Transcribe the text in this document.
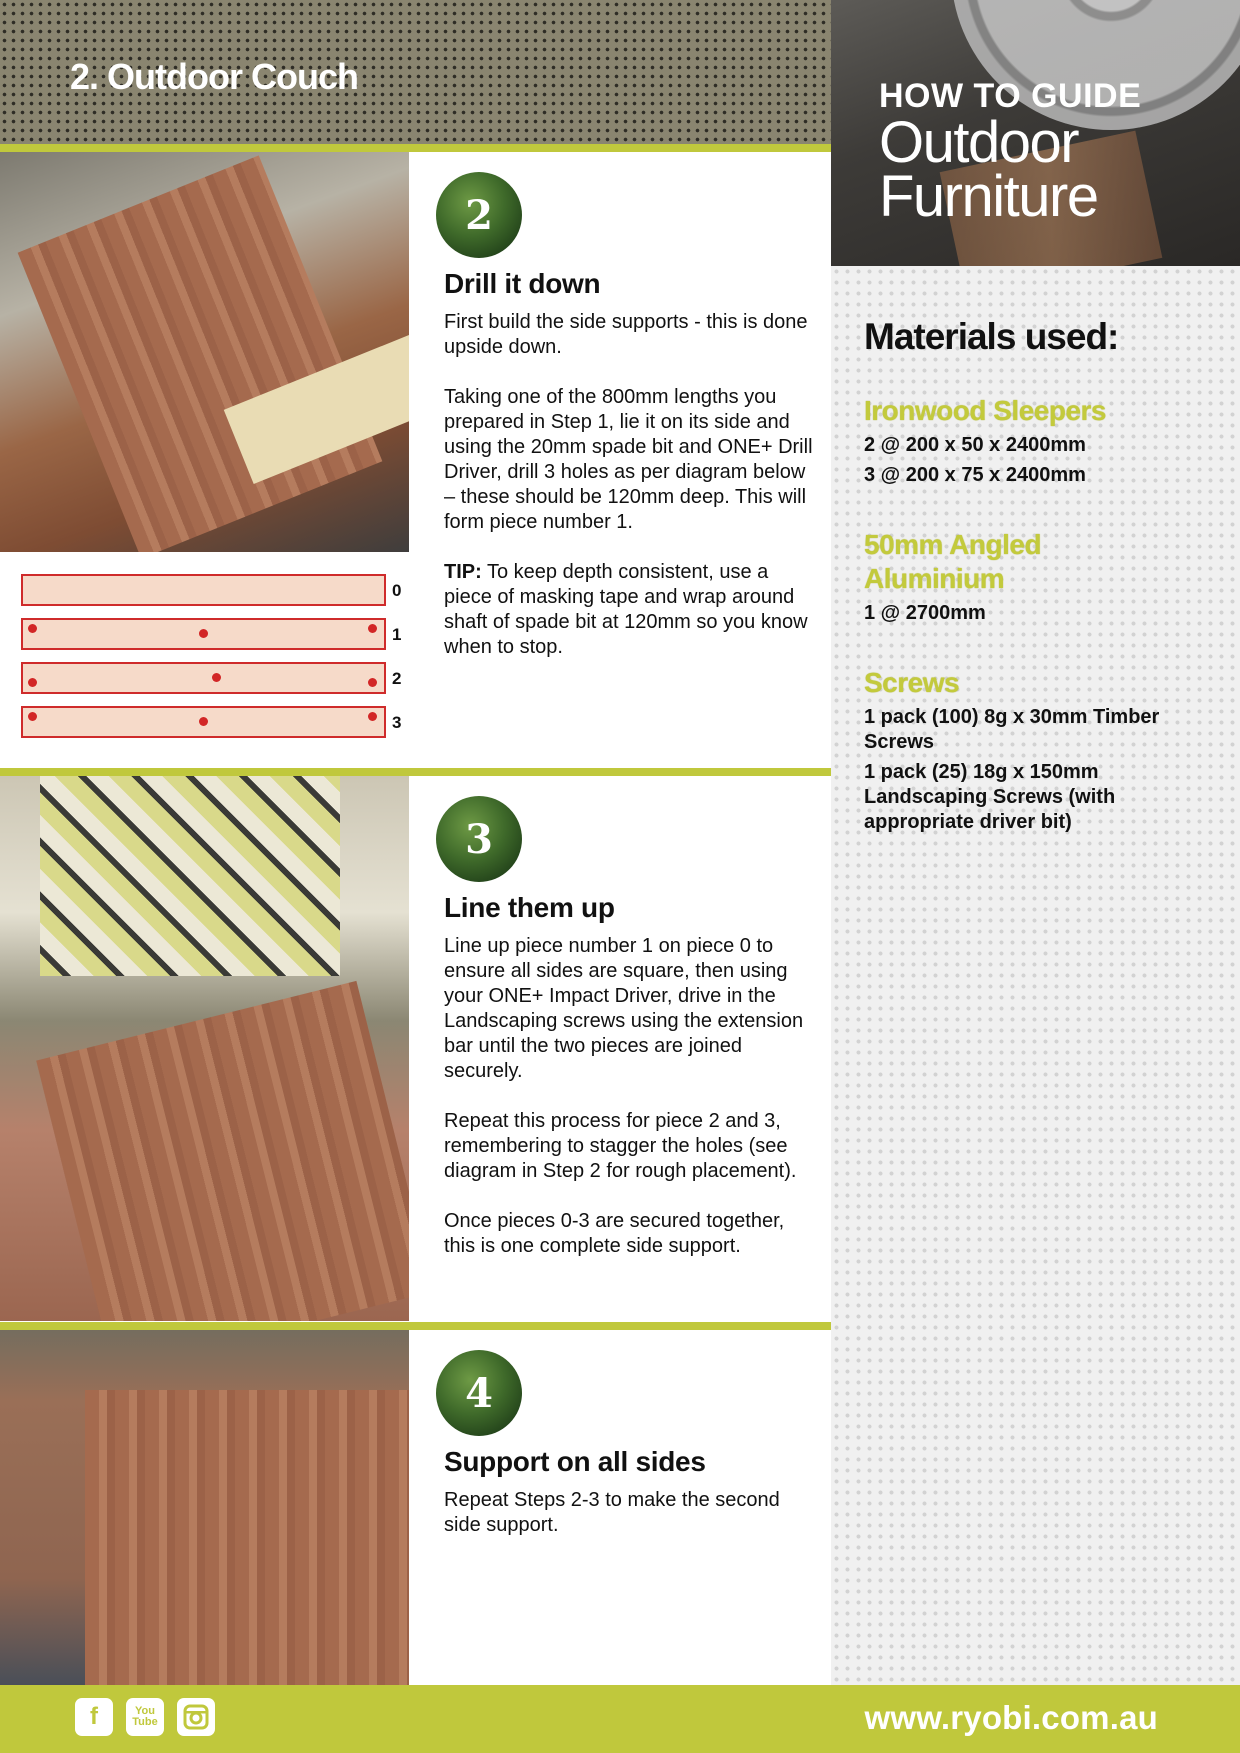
2. Outdoor Couch	HOW TO GUIDE
Outdoor
Furniture
Materials used:
Ironwood Sleepers
2 @ 200 x 50 x 2400mm
3 @ 200 x 75 x 2400mm
50mm Angled
Aluminium
1 @ 2700mm
Screws
1 pack (100) 8g x 30mm Timber Screws
1 pack (25) 18g x 150mm Landscaping Screws (with appropriate driver bit)
0
1
2
3
2
Drill it down
First build the side supports - this is done upside down.
Taking one of the 800mm lengths you prepared in Step 1, lie it on its side and using the 20mm spade bit and ONE+ Drill Driver, drill 3 holes as per diagram below – these should be 120mm deep. This will form piece number 1.
TIP: To keep depth consistent, use a piece of masking tape and wrap around shaft of spade bit at 120mm so you know when to stop.
3
Line them up
Line up piece number 1 on piece 0 to ensure all sides are square, then using your ONE+ Impact Driver, drive in the Landscaping screws using the extension bar until the two pieces are joined securely.
Repeat this process for piece 2 and 3, remembering to stagger the holes (see diagram in Step 2 for rough placement).
Once pieces 0-3 are secured together, this is one complete side support.
4
Support on all sides
Repeat Steps 2-3 to make the second side support.
f	You
Tube	www.ryobi.com.au
